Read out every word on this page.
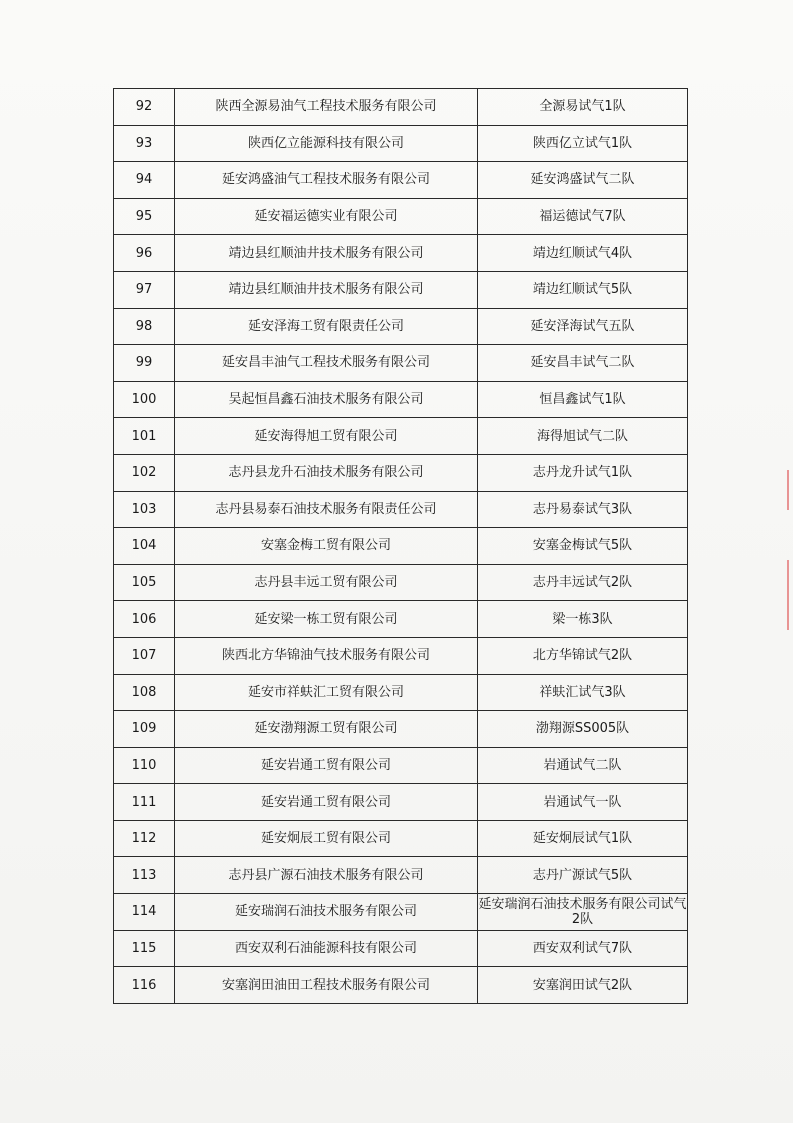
92	陕西全源易油气工程技术服务有限公司	全源易试气1队
93	陕西亿立能源科技有限公司	陕西亿立试气1队
94	延安鸿盛油气工程技术服务有限公司	延安鸿盛试气二队
95	延安福运德实业有限公司	福运德试气7队
96	靖边县红顺油井技术服务有限公司	靖边红顺试气4队
97	靖边县红顺油井技术服务有限公司	靖边红顺试气5队
98	延安泽海工贸有限责任公司	延安泽海试气五队
99	延安昌丰油气工程技术服务有限公司	延安昌丰试气二队
100	吴起恒昌鑫石油技术服务有限公司	恒昌鑫试气1队
101	延安海得旭工贸有限公司	海得旭试气二队
102	志丹县龙升石油技术服务有限公司	志丹龙升试气1队
103	志丹县易泰石油技术服务有限责任公司	志丹易泰试气3队
104	安塞金梅工贸有限公司	安塞金梅试气5队
105	志丹县丰远工贸有限公司	志丹丰远试气2队
106	延安梁一栋工贸有限公司	梁一栋3队
107	陕西北方华锦油气技术服务有限公司	北方华锦试气2队
108	延安市祥蚨汇工贸有限公司	祥蚨汇试气3队
109	延安渤翔源工贸有限公司	渤翔源SS005队
110	延安岩通工贸有限公司	岩通试气二队
111	延安岩通工贸有限公司	岩通试气一队
112	延安炯辰工贸有限公司	延安炯辰试气1队
113	志丹县广源石油技术服务有限公司	志丹广源试气5队
114	延安瑞润石油技术服务有限公司	延安瑞润石油技术服务有限公司试气2队
115	西安双利石油能源科技有限公司	西安双利试气7队
116	安塞润田油田工程技术服务有限公司	安塞润田试气2队
